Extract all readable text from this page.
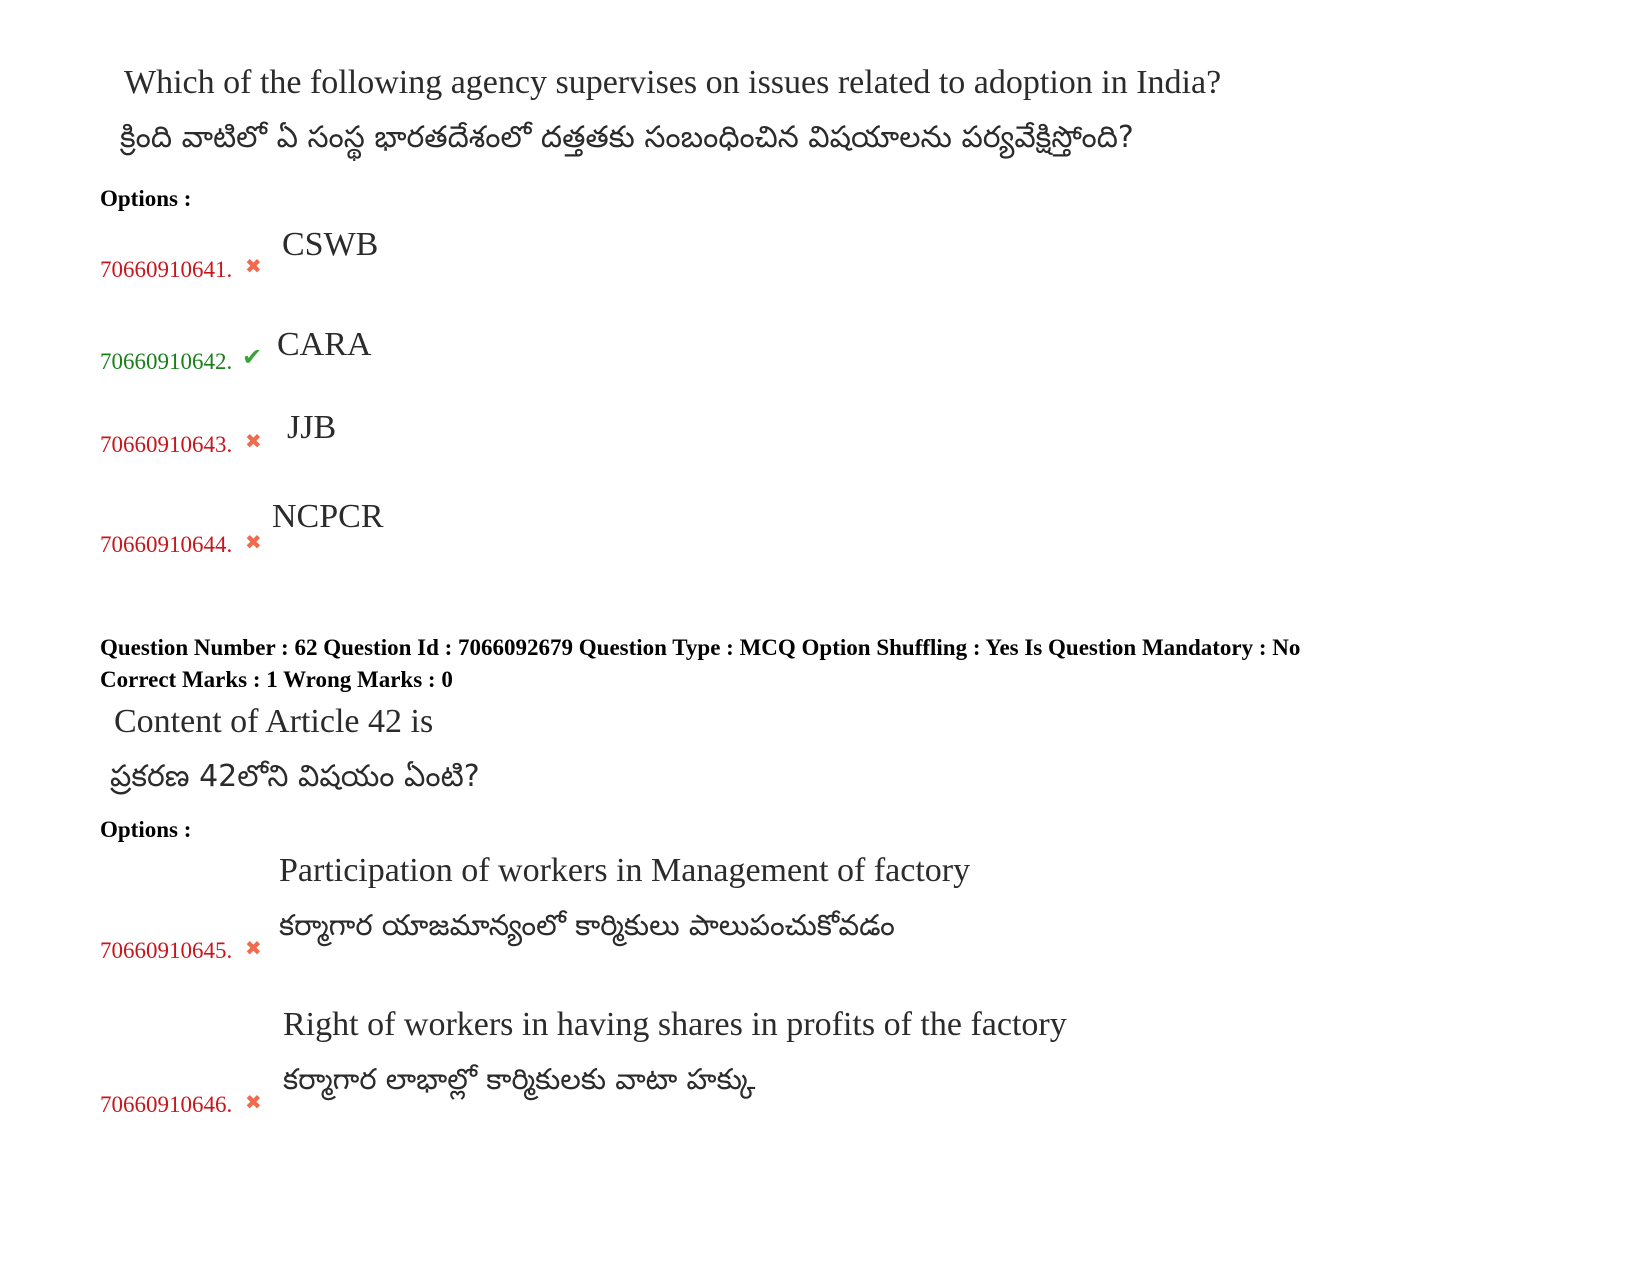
Which of the following agency supervises on issues related to adoption in India?
క్రింది వాటిలో ఏ సంస్థ భారతదేశంలో దత్తతకు సంబంధించిన విషయాలను పర్యవేక్షిస్తోంది?
Options :
70660910641. ✖
CSWB
70660910642. ✔ CARA
70660910643. ✖ JJB
70660910644. ✖
NCPCR
Question Number : 62 Question Id : 7066092679 Question Type : MCQ Option Shuffling : Yes Is Question Mandatory : No
Correct Marks : 1 Wrong Marks : 0
Content of Article 42 is
ప్రకరణ 42లోని విషయం ఏంటి?
Options :
Participation of workers in Management of factory
కర్మాగార యాజమాన్యంలో కార్మికులు పాలుపంచుకోవడం
70660910645. ✖
Right of workers in having shares in profits of the factory
కర్మాగార లాభాల్లో కార్మికులకు వాటా హక్కు
70660910646. ✖
